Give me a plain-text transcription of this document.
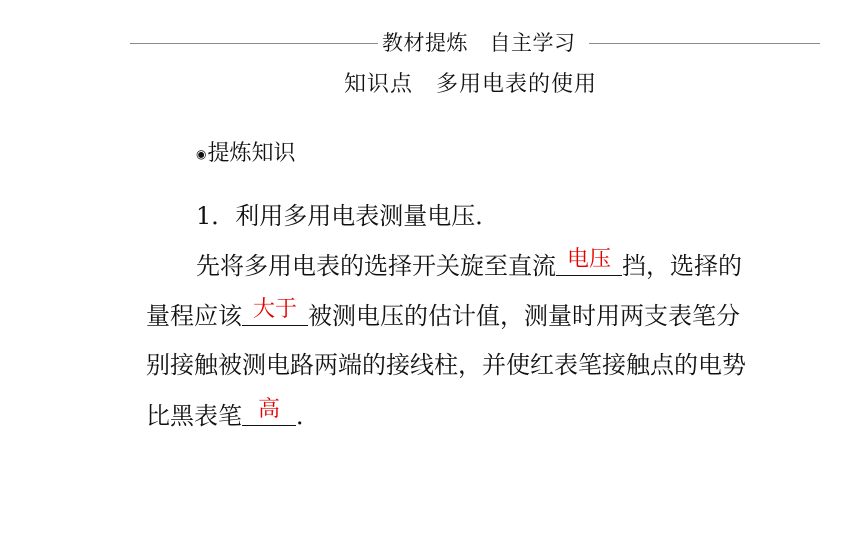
教材提炼　自主学习
知识点　多用电表的使用
◉提炼知识
1．利用多用电表测量电压．
先将多用电表的选择开关旋至直流 电压 挡，选择的
量程应该 大于 被测电压的估计值，测量时用两支表笔分
别接触被测电路两端的接线柱，并使红表笔接触点的电势
比黑表笔 高 ．
